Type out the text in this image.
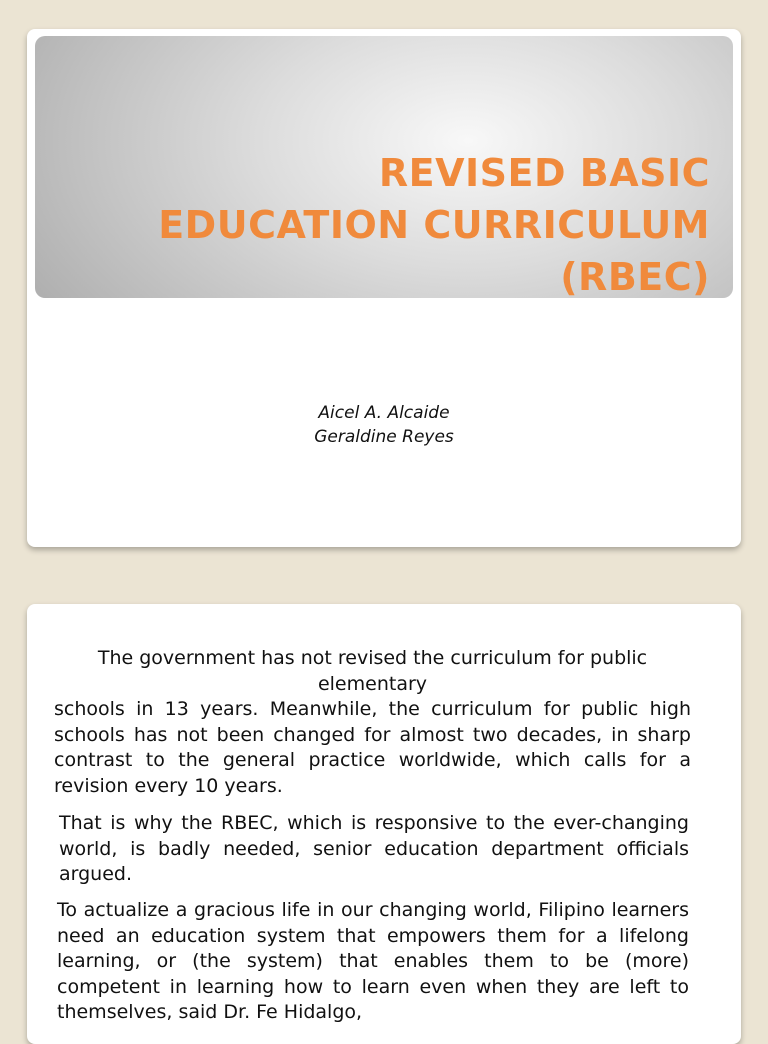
REVISED BASIC
EDUCATION CURRICULUM
(RBEC)
Aicel A. Alcaide
Geraldine Reyes

The government has not revised the curriculum for public elementary
schools in 13 years. Meanwhile, the curriculum for public high schools has not been changed for almost two decades, in sharp contrast to the general practice worldwide, which calls for a revision every 10 years.

That is why the RBEC, which is responsive to the ever-changing world, is badly needed, senior education department officials argued.

To actualize a gracious life in our changing world, Filipino learners need an education system that empowers them for a lifelong learning, or (the system) that enables them to be (more) competent in learning how to learn even when they are left to themselves, said Dr. Fe Hidalgo,
